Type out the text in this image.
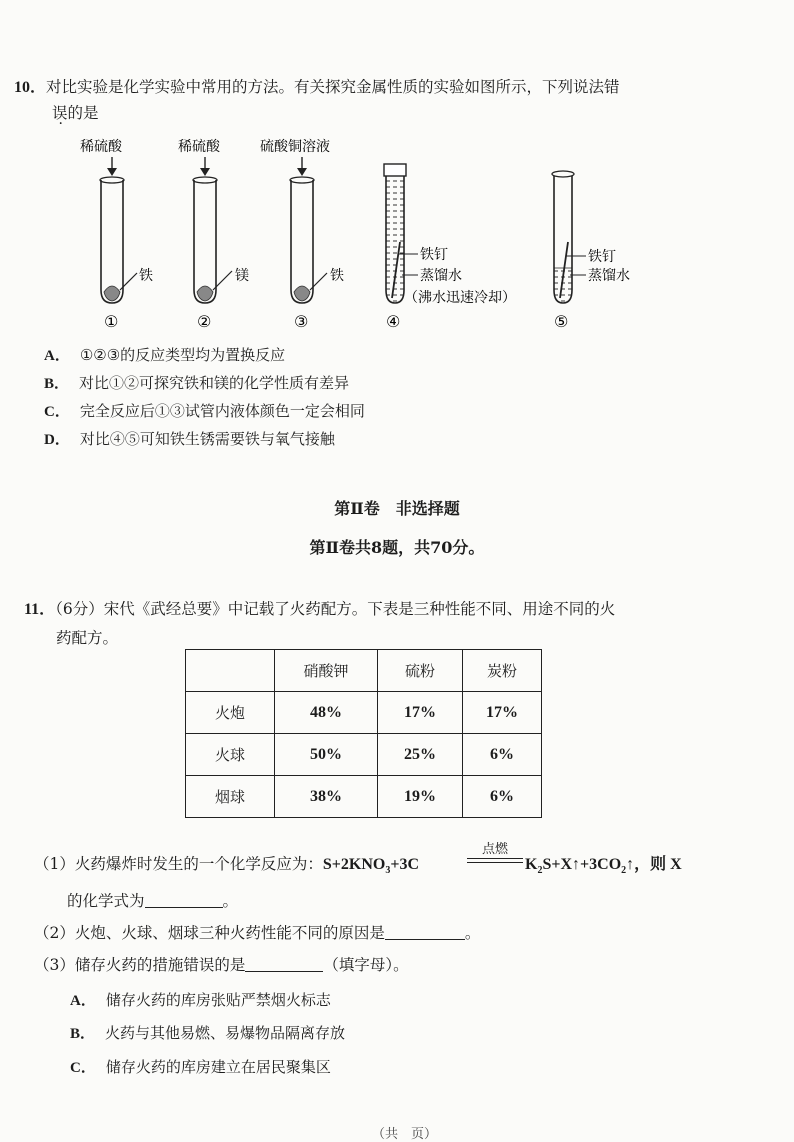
10．对比实验是化学实验中常用的方法。有关探究金属性质的实验如图所示，下列说法错
误的是
稀硫酸
铁
①
稀硫酸
镁
②
硫酸铜溶液
铁
③
铁钉
蒸馏水
（沸水迅速冷却）
④
铁钉
蒸馏水
⑤
A． ①②③的反应类型均为置换反应
B． 对比①②可探究铁和镁的化学性质有差异
C． 完全反应后①③试管内液体颜色一定会相同
D． 对比④⑤可知铁生锈需要铁与氧气接触
第Ⅱ卷　非选择题
第Ⅱ卷共8题，共70分。
11．（6分）宋代《武经总要》中记载了火药配方。下表是三种性能不同、用途不同的火
药配方。
	硝酸钾	硫粉	炭粉
火炮	48%	17%	17%
火球	50%	25%	6%
烟球	38%	19%	6%
（1）火药爆炸时发生的一个化学反应为：$S+2KNO_3+3C$
点燃
$K_2S+X↑+3CO_2↑$，则 X
的化学式为	。
（2）火炮、火球、烟球三种火药性能不同的原因是	。
（3）储存火药的措施错误的是	（填字母）。
A． 储存火药的库房张贴严禁烟火标志
B． 火药与其他易燃、易爆物品隔离存放
C． 储存火药的库房建立在居民聚集区
（共　页）
